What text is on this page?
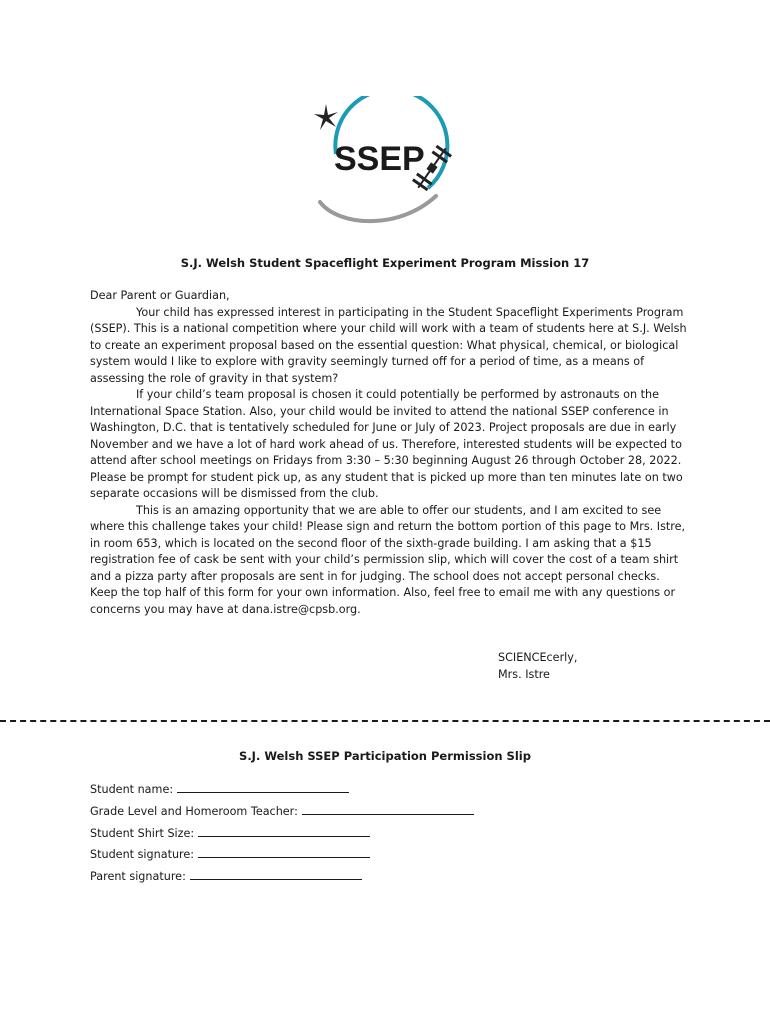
SSEP
S.J. Welsh Student Spaceflight Experiment Program Mission 17

Dear Parent or Guardian,

Your child has expressed interest in participating in the Student Spaceflight Experiments Program (SSEP). This is a national competition where your child will work with a team of students here at S.J. Welsh to create an experiment proposal based on the essential question: What physical, chemical, or biological system would I like to explore with gravity seemingly turned off for a period of time, as a means of assessing the role of gravity in that system?

If your child’s team proposal is chosen it could potentially be performed by astronauts on the International Space Station. Also, your child would be invited to attend the national SSEP conference in Washington, D.C. that is tentatively scheduled for June or July of 2023. Project proposals are due in early November and we have a lot of hard work ahead of us. Therefore, interested students will be expected to attend after school meetings on Fridays from 3:30 – 5:30 beginning August 26 through October 28, 2022. Please be prompt for student pick up, as any student that is picked up more than ten minutes late on two separate occasions will be dismissed from the club.

This is an amazing opportunity that we are able to offer our students, and I am excited to see where this challenge takes your child! Please sign and return the bottom portion of this page to Mrs. Istre, in room 653, which is located on the second floor of the sixth-grade building. I am asking that a $15 registration fee of cask be sent with your child’s permission slip, which will cover the cost of a team shirt and a pizza party after proposals are sent in for judging. The school does not accept personal checks. Keep the top half of this form for your own information. Also, feel free to email me with any questions or concerns you may have at dana.istre@cpsb.org.

SCIENCEcerly,
Mrs. Istre
S.J. Welsh SSEP Participation Permission Slip
Student name:
Grade Level and Homeroom Teacher:
Student Shirt Size:
Student signature:
Parent signature:
